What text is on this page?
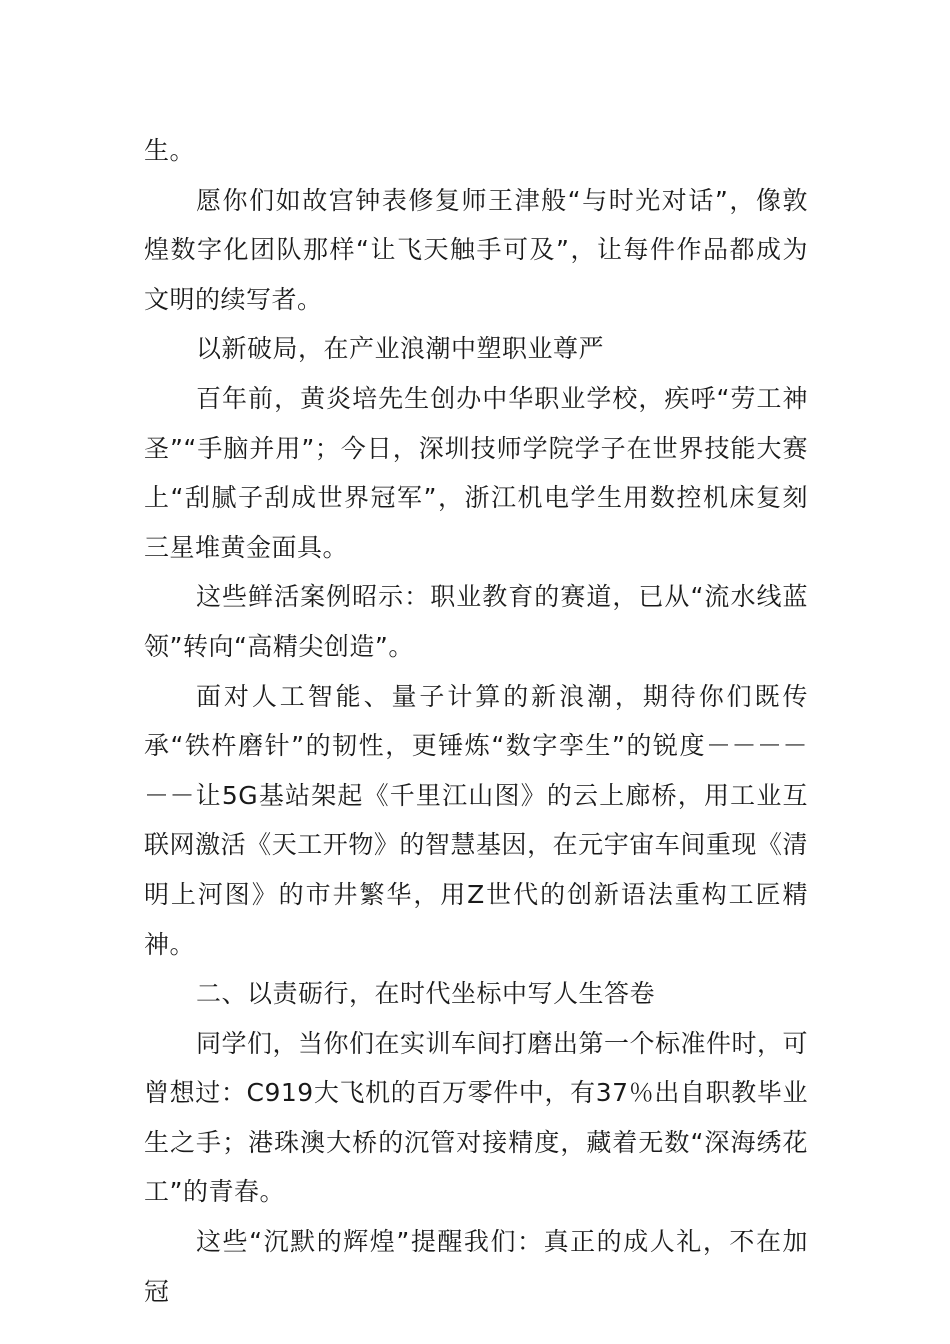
生。

愿你们如故宫钟表修复师王津般“与时光对话”，像敦煌数字化团队那样“让飞天触手可及”，让每件作品都成为文明的续写者。

以新破局，在产业浪潮中塑职业尊严

百年前，黄炎培先生创办中华职业学校，疾呼“劳工神圣”“手脑并用”；今日，深圳技师学院学子在世界技能大赛上“刮腻子刮成世界冠军”，浙江机电学生用数控机床复刻三星堆黄金面具。

这些鲜活案例昭示：职业教育的赛道，已从“流水线蓝领”转向“高精尖创造”。

面对人工智能、量子计算的新浪潮，期待你们既传承“铁杵磨针”的韧性，更锤炼“数字孪生”的锐度－－－－－－让5G基站架起《千里江山图》的云上廊桥，用工业互联网激活《天工开物》的智慧基因，在元宇宙车间重现《清明上河图》的市井繁华，用Z世代的创新语法重构工匠精神。

二、以责砺行，在时代坐标中写人生答卷

同学们，当你们在实训车间打磨出第一个标准件时，可曾想过：C919大飞机的百万零件中，有37％出自职教毕业生之手；港珠澳大桥的沉管对接精度，藏着无数“深海绣花工”的青春。

这些“沉默的辉煌”提醒我们：真正的成人礼，不在加冠
